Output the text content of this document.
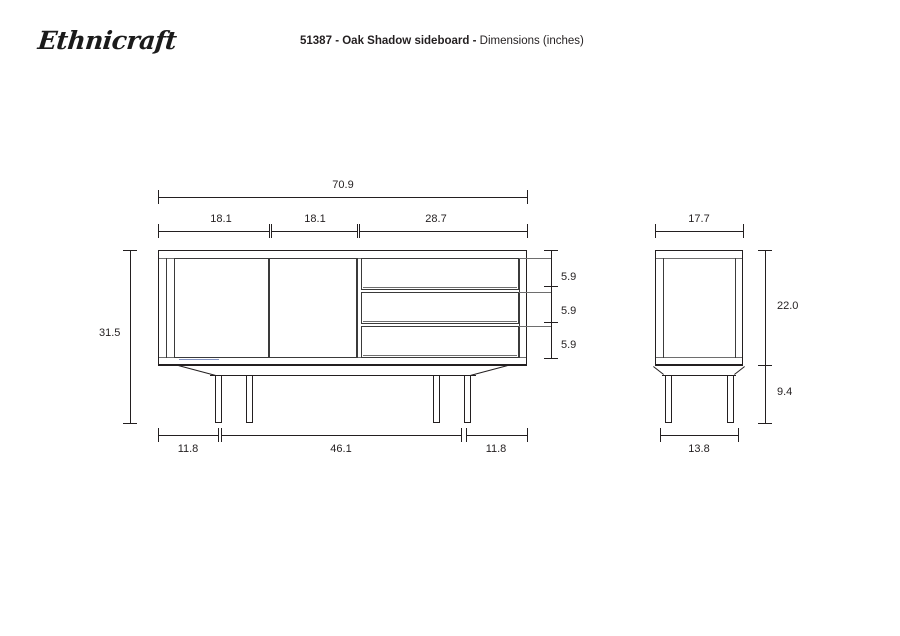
Ethnicraft	51387 - Oak Shadow sideboard - Dimensions (inches)
70.9
18.1	18.1	28.7
31.5
5.9
5.9
5.9
11.8	46.1	11.8
17.7
22.0
9.4
13.8
